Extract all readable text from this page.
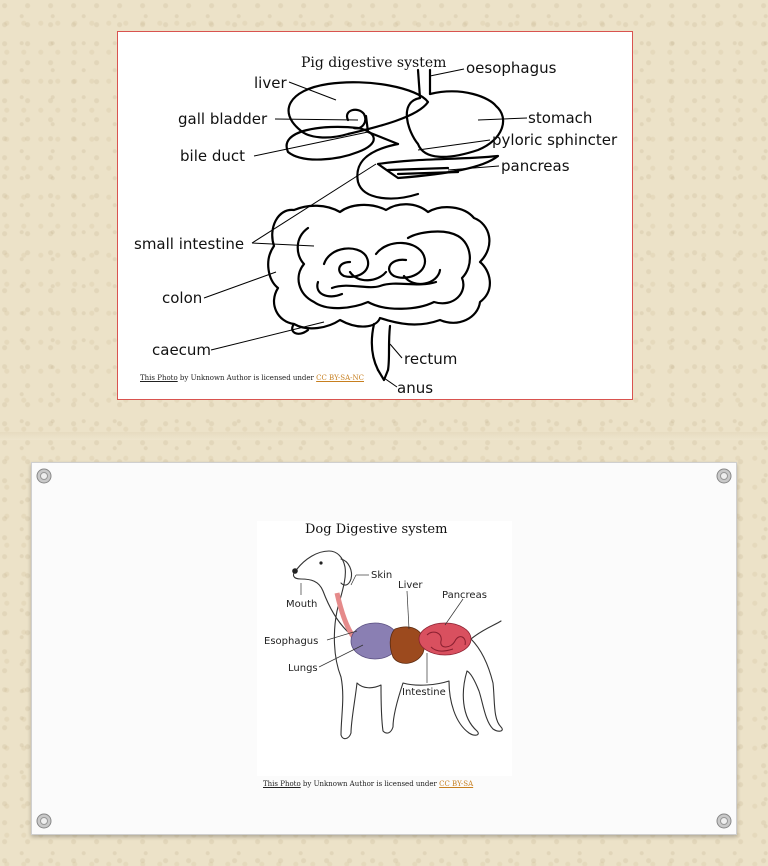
Pig digestive system
liver
gall bladder
bile duct
small intestine
colon
caecum
oesophagus
stomach
pyloric sphincter
pancreas
rectum
anus
This Photo by Unknown Author is licensed under CC BY-SA-NC
Dog Digestive system
Skin
Liver
Pancreas
Mouth
Esophagus
Lungs
Intestine
This Photo by Unknown Author is licensed under CC BY-SA
